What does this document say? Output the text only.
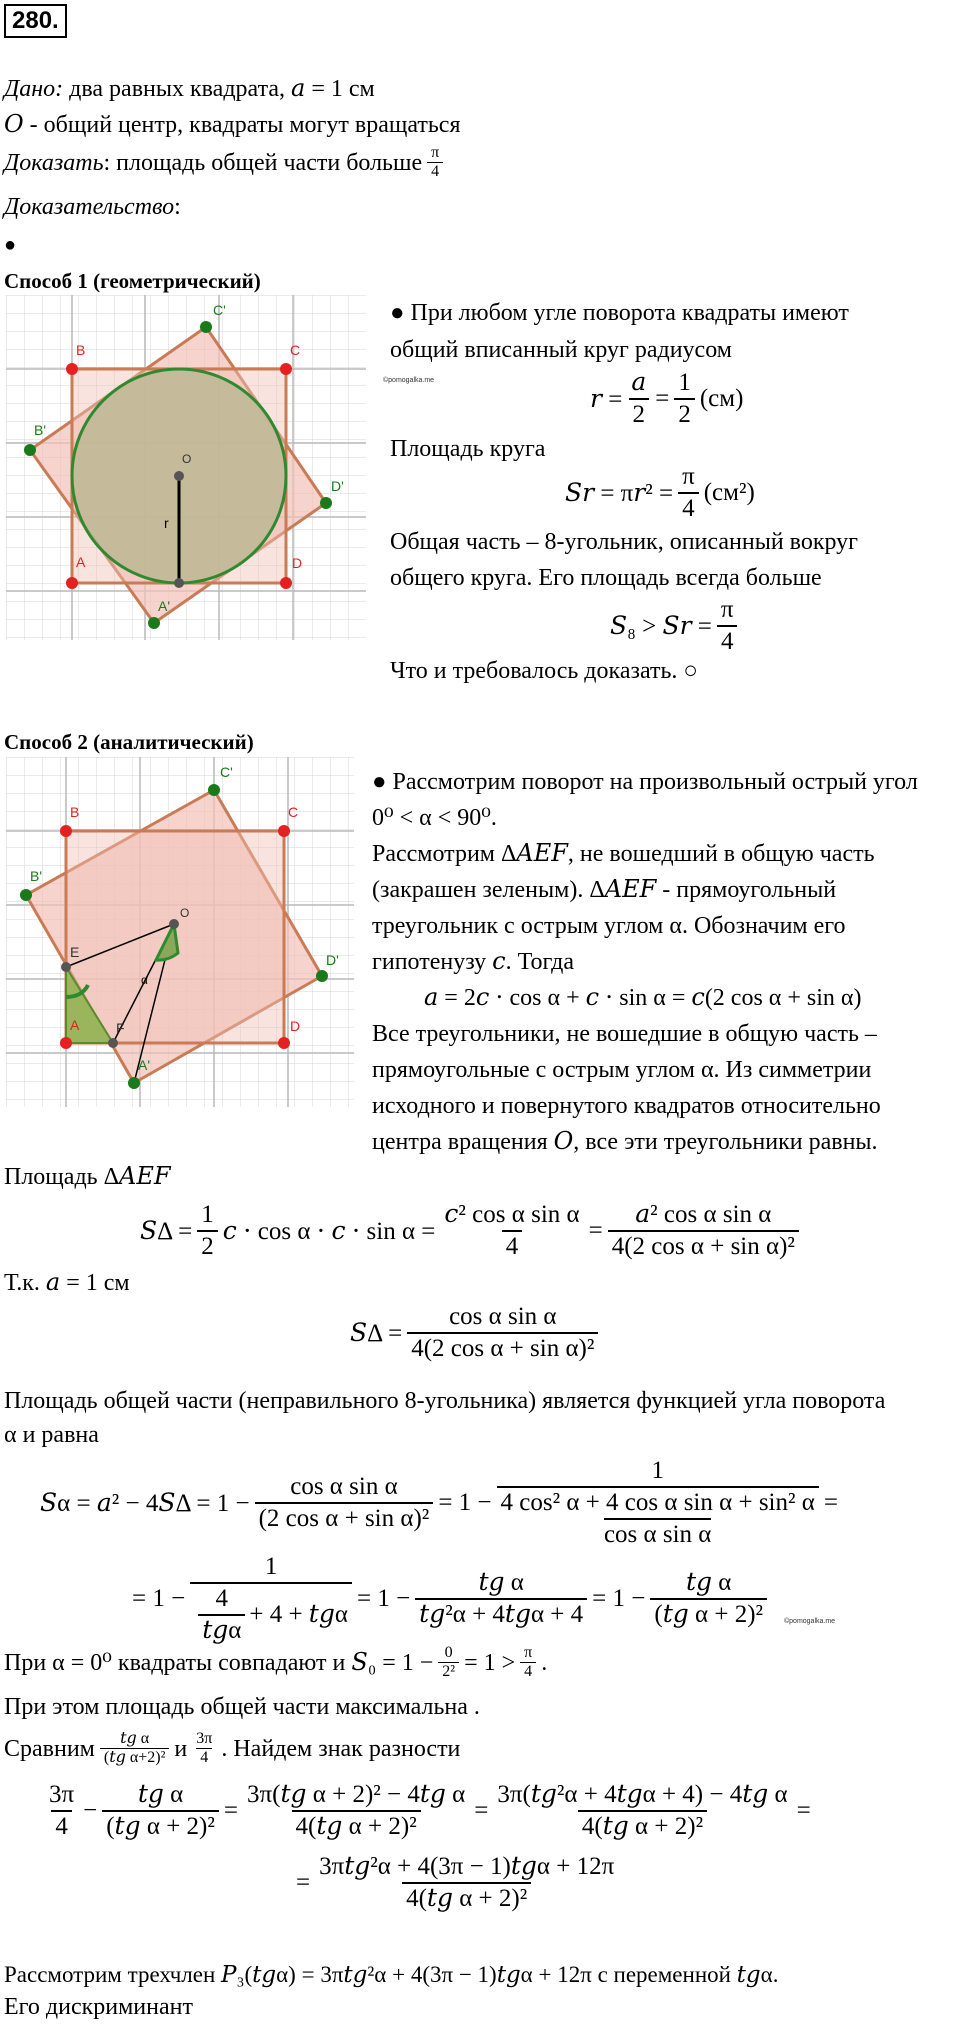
280.
Дано: два равных квадрата, 𝑎 = 1 см
𝑂 - общий центр, квадраты могут вращаться
Доказать : площадь общей части больше $\frac{\pi}{4}$
Доказательство:
●
Способ 1 (геометрический)
B	C
C'
B'
O
D'
r
A	D
A'
● При любом угле поворота квадраты имеют
общий вписанный круг радиусом
©pomogalka.me
𝑟 = $\frac{\text{𝑎}}{2} = \frac{1}{2} (см)$
Площадь круга
𝑆𝑟 = π𝑟² = $\frac{\pi}{4} (см^2)$
Общая часть – 8-угольник, описанный вокруг
общего круга. Его площадь всегда больше
𝑆₈ > 𝑆𝑟 = $\frac{\pi}{4}$
Что и требовалось доказать. ○
Способ 2 (аналитический)
B	C
C'
B'
O
E
α
D'
A	F	D
A'
● Рассмотрим поворот на произвольный острый угол
0⁰ < α < 90⁰.
Рассмотрим Δ𝐴𝐸𝐹, не вошедший в общую часть
(закрашен зеленым). Δ𝐴𝐸𝐹 - прямоугольный
треугольник с острым углом α. Обозначим его
гипотенузу 𝑐. Тогда
𝑎 = 2𝑐 ⋅ cos α + 𝑐 ⋅ sin α = 𝑐(2 cos α + sin α)
Все треугольники, не вошедшие в общую часть –
прямоугольные с острым углом α. Из симметрии
исходного и повернутого квадратов относительно
центра вращения 𝑂, все эти треугольники равны.
Площадь Δ𝐴𝐸𝐹
𝑆Δ = $\frac{1}{2}$ 𝑐 ⋅ cos α ⋅ 𝑐 ⋅ $\sin \alpha = \frac{\text{𝑐² cos α sin α}}{4} = \frac{\text{𝑎² cos α sin α}}{\text{4(2 cos α + sin α)²}}$
Т.к. 𝑎 = 1 см
𝑆Δ = $\frac{\text{cos α sin α}}{\text{4(2 cos α + sin α)²}}$
Площадь общей части (неправильного 8-угольника) является функцией угла поворота
α и равна
𝑆α = 𝑎² − 4𝑆Δ = $1 - \frac{\text{cos α sin α}}{\text{(2 cos α + sin α)²}} = 1 - \frac{1}{\frac{\text{4 cos² α + 4 cos α sin α + sin² α}}{\text{cos α sin α}}}$ =
= $1 - \frac{1}{\frac{4}{\text{𝑡𝑔α}} + 4 + 𝑡𝑔\alpha} = 1 - \frac{\text{𝑡𝑔 α}}{\text{𝑡𝑔²α + 4𝑡𝑔α + 4}} = 1 - \frac{\text{𝑡𝑔 α}}{\text{(𝑡𝑔 α + 2)²}}$ ©pomogalka.me
При α = 0⁰ квадраты совпадают и 𝑆₀ = $1 - \frac{0}{\text{2²}} = 1 > \frac{\pi}{4}$ .
При этом площадь общей части максимальна .
Сравним $\frac{\text{𝑡𝑔 α}}{\text{(𝑡𝑔 α+2)²}}$ и $\frac{3\pi}{4}$ . Найдем знак разности
$\frac{3\pi}{4} - \frac{\text{𝑡𝑔 α}}{\text{(𝑡𝑔 α + 2)²}} = \frac{\text{3π(𝑡𝑔 α + 2)² − 4𝑡𝑔 α}}{\text{4(𝑡𝑔 α + 2)²}} = \frac{\text{3π(𝑡𝑔²α + 4𝑡𝑔α + 4) − 4𝑡𝑔 α}}{\text{4(𝑡𝑔 α + 2)²}}$ =
= $\frac{\text{3π𝑡𝑔²α + 4(3π − 1)𝑡𝑔α + 12π}}{\text{4(𝑡𝑔 α + 2)²}}$
Рассмотрим трехчлен 𝑃₃(𝑡𝑔α) = 3π𝑡𝑔²α + 4(3π − 1)𝑡𝑔α + 12π с переменной 𝑡𝑔α.
Его дискриминант
